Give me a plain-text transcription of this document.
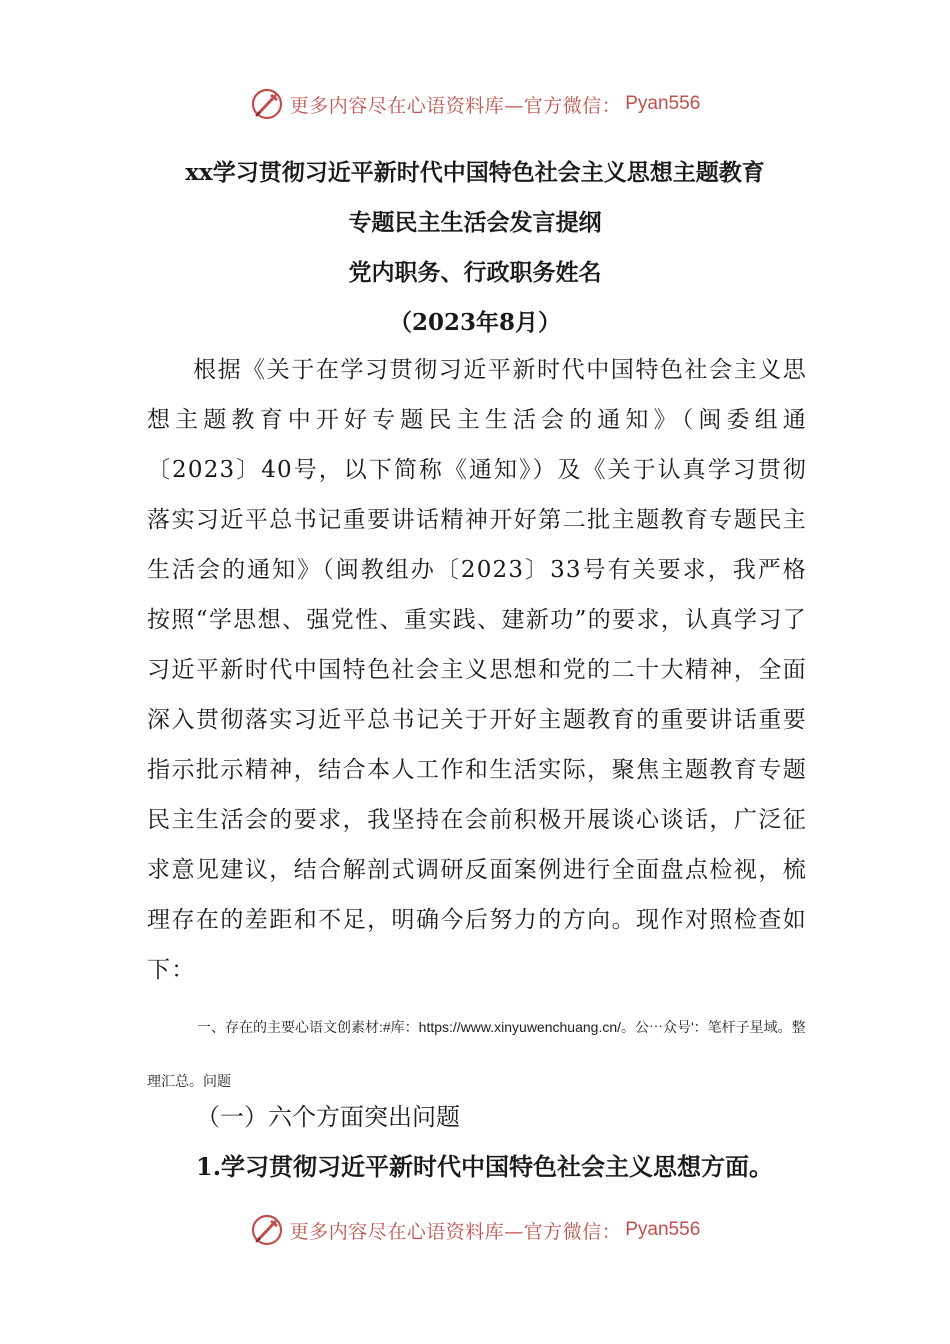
更多内容尽在心语资料库—官方微信： Pyan556
xx学习贯彻习近平新时代中国特色社会主义思想主题教育
专题民主生活会发言提纲
党内职务、行政职务姓名
（2023年8月）
根据《关于在学习贯彻习近平新时代中国特色社会主义思想主题教育中开好专题民主生活会的通知》（闽委组通〔2023〕40号，以下简称《通知》）及《关于认真学习贯彻落实习近平总书记重要讲话精神开好第二批主题教育专题民主生活会的通知》（闽教组办〔2023〕33号有关要求，我严格按照“学思想、强党性、重实践、建新功”的要求，认真学习了习近平新时代中国特色社会主义思想和党的二十大精神，全面深入贯彻落实习近平总书记关于开好主题教育的重要讲话重要指示批示精神，结合本人工作和生活实际，聚焦主题教育专题民主生活会的要求，我坚持在会前积极开展谈心谈话，广泛征求意见建议，结合解剖式调研反面案例进行全面盘点检视，梳理存在的差距和不足，明确今后努力的方向。现作对照检查如下：
一、存在的主要心语文创素材:#库：https://www.xinyuwenchuang.cn/。公⋯众号'：笔杆子星域。整理汇总。问题
（一）六个方面突出问题
1.学习贯彻习近平新时代中国特色社会主义思想方面。
更多内容尽在心语资料库—官方微信： Pyan556
